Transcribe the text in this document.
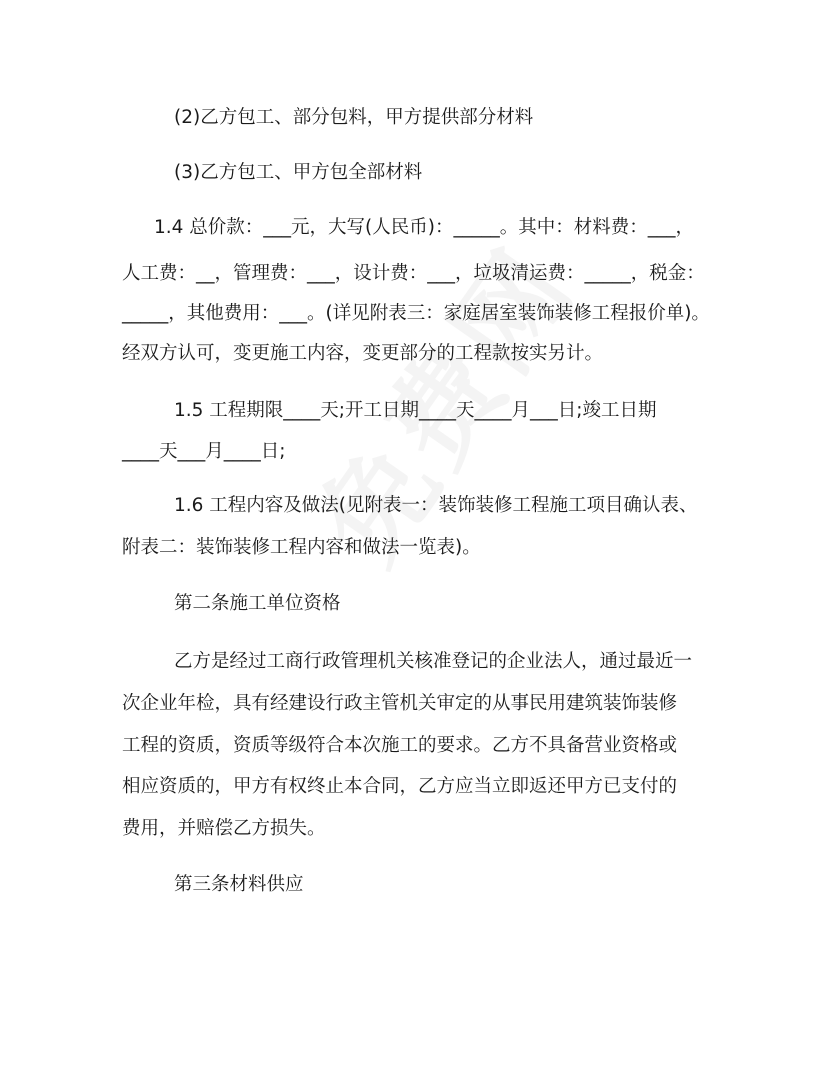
(2)乙方包工、部分包料，甲方提供部分材料
(3)乙方包工、甲方包全部材料
1.4 总价款：___元，大写(人民币)：_____。其中：材料费：___，
人工费：__，管理费：___，设计费：___，垃圾清运费：_____，税金：
_____，其他费用：___。(详见附表三：家庭居室装饰装修工程报价单)。
经双方认可，变更施工内容，变更部分的工程款按实另计。
1.5 工程期限____天;开工日期____天____月___日;竣工日期
____天___月____日;
1.6 工程内容及做法(见附表一：装饰装修工程施工项目确认表、
附表二：装饰装修工程内容和做法一览表)。
第二条施工单位资格
乙方是经过工商行政管理机关核准登记的企业法人，通过最近一
次企业年检，具有经建设行政主管机关审定的从事民用建筑装饰装修
工程的资质，资质等级符合本次施工的要求。乙方不具备营业资格或
相应资质的，甲方有权终止本合同，乙方应当立即返还甲方已支付的
费用，并赔偿乙方损失。
第三条材料供应
